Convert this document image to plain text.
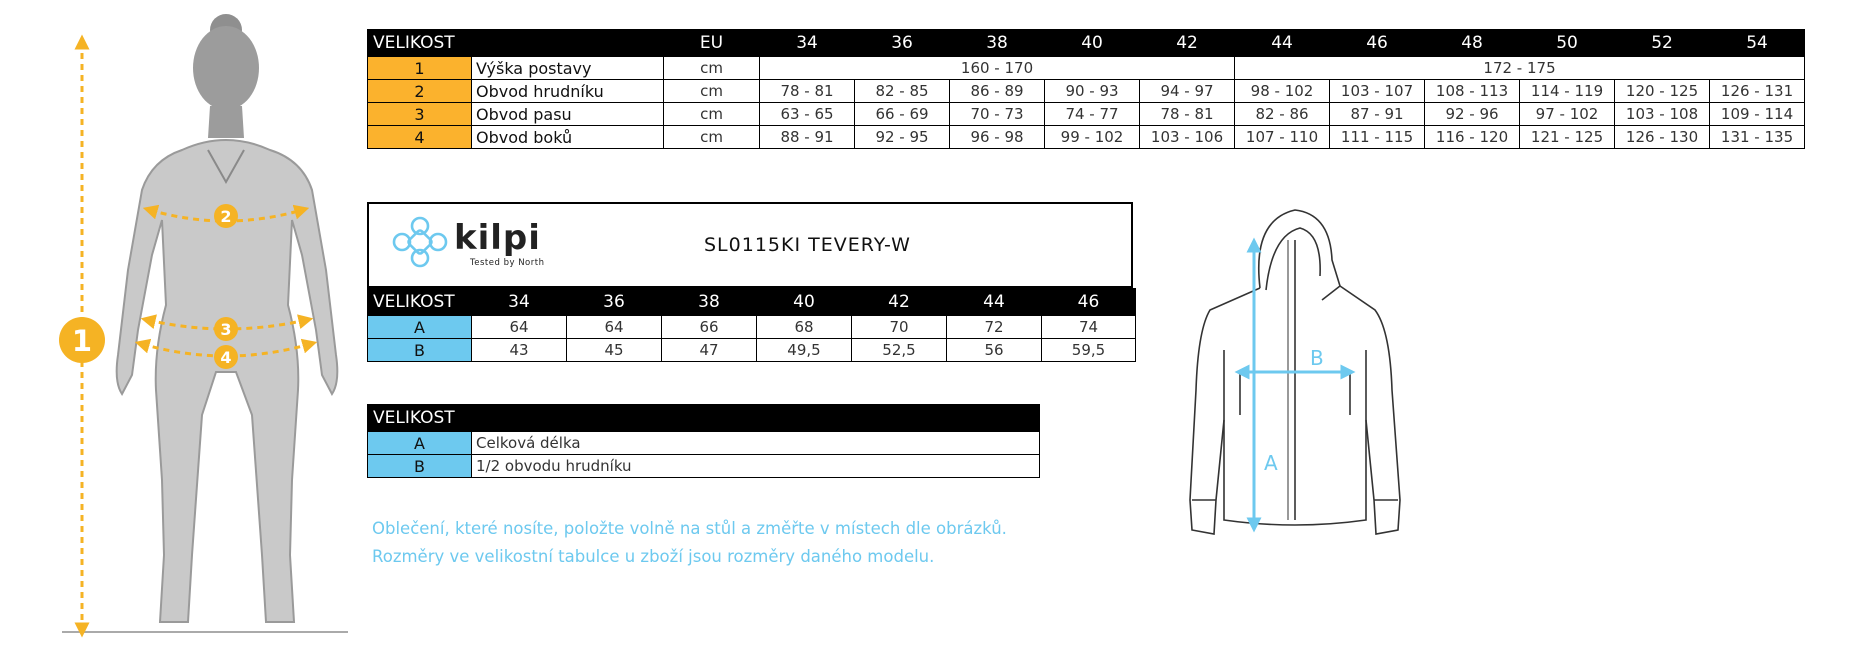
1
2
3
4
VELIKOST		EU	34	36	38	40	42	44	46	48	50	52	54
1	Výška postavy	cm	160 - 170					172 - 175					
2	Obvod hrudníku	cm	78 - 81	82 - 85	86 - 89	90 - 93	94 - 97	98 - 102	103 - 107	108 - 113	114 - 119	120 - 125	126 - 131
3	Obvod pasu	cm	63 - 65	66 - 69	70 - 73	74 - 77	78 - 81	82 - 86	87 - 91	92 - 96	97 - 102	103 - 108	109 - 114
4	Obvod boků	cm	88 - 91	92 - 95	96 - 98	99 - 102	103 - 106	107 - 110	111 - 115	116 - 120	121 - 125	126 - 130	131 - 135
kilpi
Tested by North
SL0115KI TEVERY-W
VELIKOST	34	36	38	40	42	44	46
A	64	64	66	68	70	72	74
B	43	45	47	49,5	52,5	56	59,5
VELIKOST						
A	Celková délka					
B	1/2 obvodu hrudníku					
Oblečení, které nosíte, položte volně na stůl a změřte v místech dle obrázků.
Rozměry ve velikostní tabulce u zboží jsou rozměry daného modelu.
A
B
